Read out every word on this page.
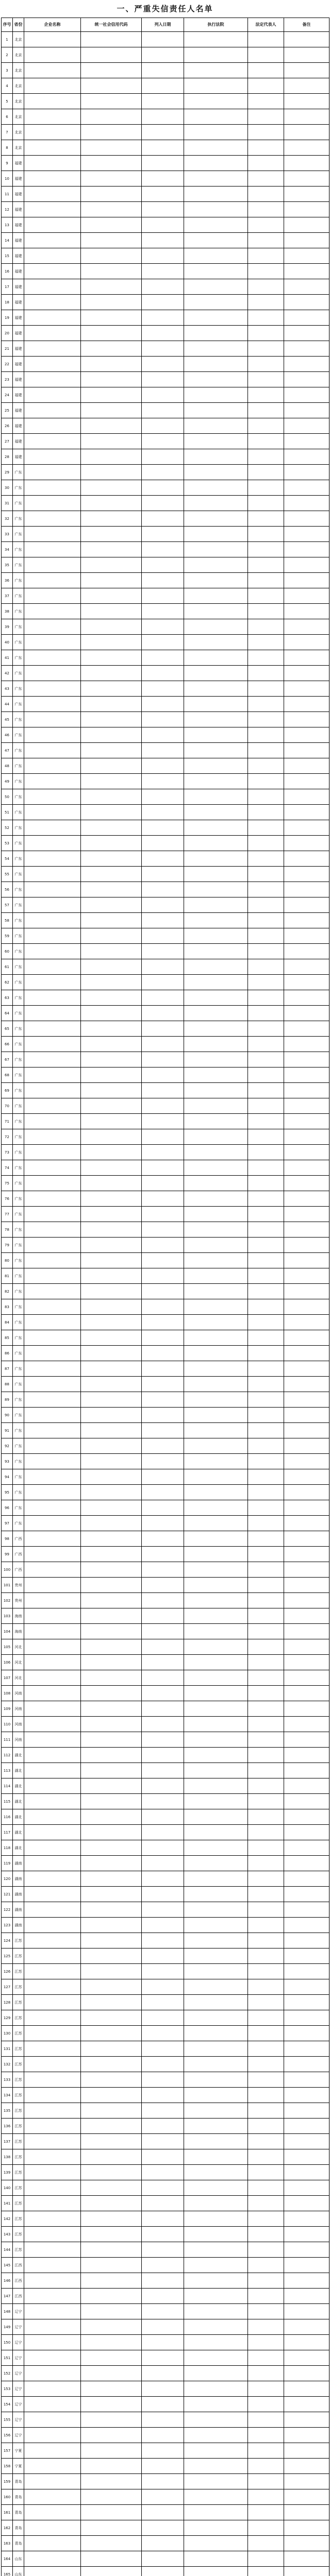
一、严重失信责任人名单
序号	省份	企业名称	统一社会信用代码	列入日期	执行法院	法定代表人	备注
1	北京						
2	北京						
3	北京						
4	北京						
5	北京						
6	北京						
7	北京						
8	北京						
9	福建						
10	福建						
11	福建						
12	福建						
13	福建						
14	福建						
15	福建						
16	福建						
17	福建						
18	福建						
19	福建						
20	福建						
21	福建						
22	福建						
23	福建						
24	福建						
25	福建						
26	福建						
27	福建						
28	福建						
29	广东						
30	广东						
31	广东						
32	广东						
33	广东						
34	广东						
35	广东						
36	广东						
37	广东						
38	广东						
39	广东						
40	广东						
41	广东						
42	广东						
43	广东						
44	广东						
45	广东						
46	广东						
47	广东						
48	广东						
49	广东						
50	广东						
51	广东						
52	广东						
53	广东						
54	广东						
55	广东						
56	广东						
57	广东						
58	广东						
59	广东						
60	广东						
61	广东						
62	广东						
63	广东						
64	广东						
65	广东						
66	广东						
67	广东						
68	广东						
69	广东						
70	广东						
71	广东						
72	广东						
73	广东						
74	广东						
75	广东						
76	广东						
77	广东						
78	广东						
79	广东						
80	广东						
81	广东						
82	广东						
83	广东						
84	广东						
85	广东						
86	广东						
87	广东						
88	广东						
89	广东						
90	广东						
91	广东						
92	广东						
93	广东						
94	广东						
95	广东						
96	广东						
97	广东						
98	广西						
99	广西						
100	广西						
101	贵州						
102	贵州						
103	海南						
104	海南						
105	河北						
106	河北						
107	河北						
108	河南						
109	河南						
110	河南						
111	河南						
112	湖北						
113	湖北						
114	湖北						
115	湖北						
116	湖北						
117	湖北						
118	湖北						
119	湖南						
120	湖南						
121	湖南						
122	湖南						
123	湖南						
124	江苏						
125	江苏						
126	江苏						
127	江苏						
128	江苏						
129	江苏						
130	江苏						
131	江苏						
132	江苏						
133	江苏						
134	江苏						
135	江苏						
136	江苏						
137	江苏						
138	江苏						
139	江苏						
140	江苏						
141	江苏						
142	江苏						
143	江苏						
144	江苏						
145	江西						
146	江西						
147	江西						
148	辽宁						
149	辽宁						
150	辽宁						
151	辽宁						
152	辽宁						
153	辽宁						
154	辽宁						
155	辽宁						
156	辽宁						
157	宁夏						
158	宁夏						
159	青岛						
160	青岛						
161	青岛						
162	青岛						
163	青岛						
164	山东						
165	山东						
